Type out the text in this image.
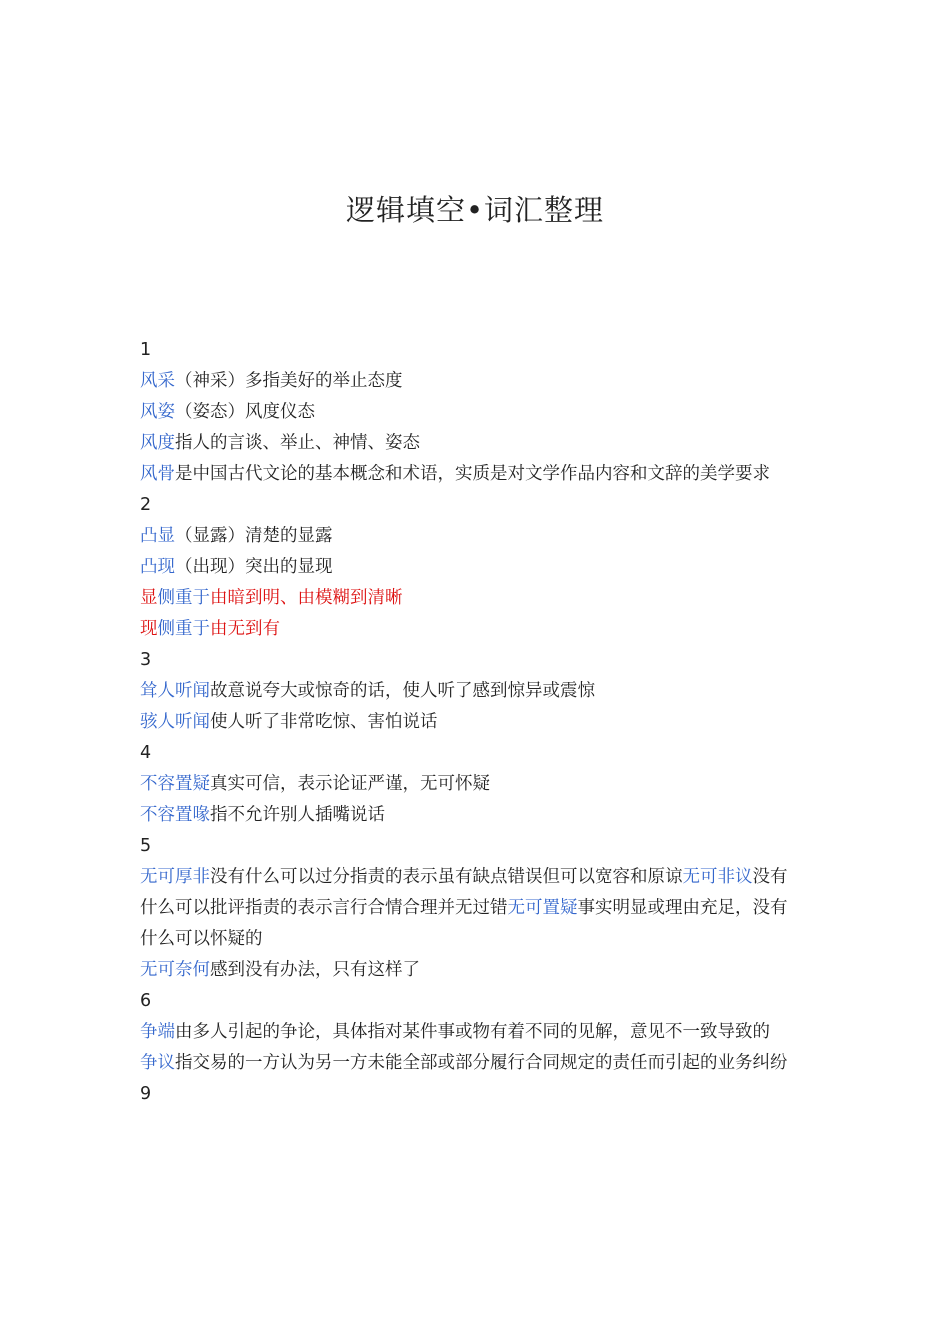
逻辑填空•词汇整理

1

风采（神采）多指美好的举止态度

风姿（姿态）风度仪态

风度指人的言谈、举止、神情、姿态

风骨是中国古代文论的基本概念和术语，实质是对文学作品内容和文辞的美学要求

2

凸显（显露）清楚的显露

凸现（出现）突出的显现

显侧重于由暗到明、由模糊到清晰

现侧重于由无到有

3

耸人听闻故意说夸大或惊奇的话，使人听了感到惊异或震惊

骇人听闻使人听了非常吃惊、害怕说话

4

不容置疑真实可信，表示论证严谨，无可怀疑

不容置喙指不允许别人插嘴说话

5

无可厚非没有什么可以过分指责的表示虽有缺点错误但可以宽容和原谅无可非议没有什么可以批评指责的表示言行合情合理并无过错无可置疑事实明显或理由充足，没有什么可以怀疑的

无可奈何感到没有办法，只有这样了

6

争端由多人引起的争论，具体指对某件事或物有着不同的见解，意见不一致导致的

争议指交易的一方认为另一方未能全部或部分履行合同规定的责任而引起的业务纠纷

9
